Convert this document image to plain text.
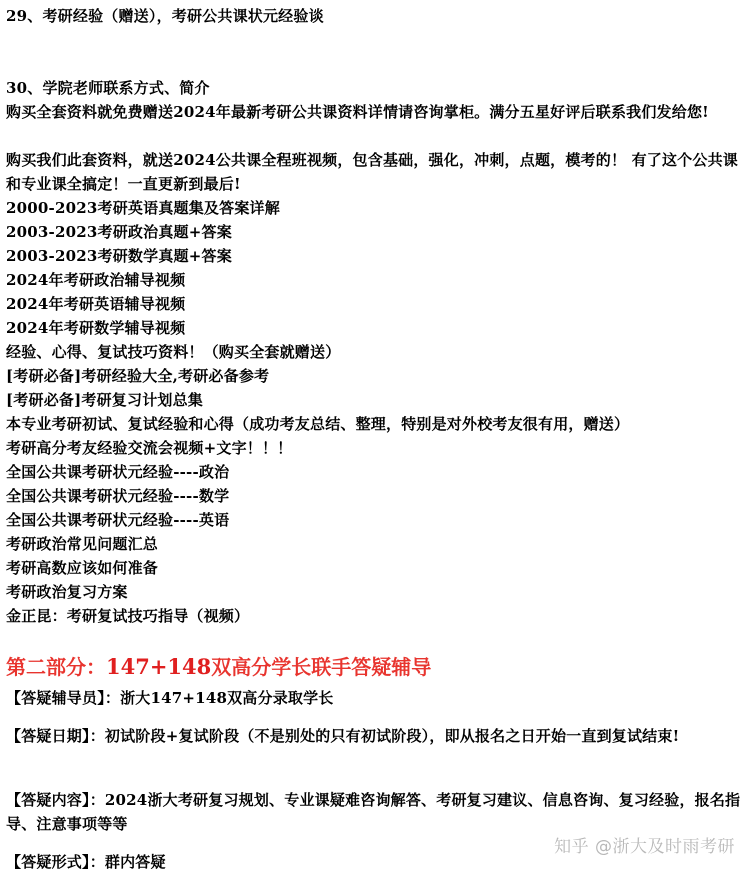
29、考研经验（赠送），考研公共课状元经验谈
30、学院老师联系方式、简介
购买全套资料就免费赠送2024年最新考研公共课资料详情请咨询掌柜。满分五星好评后联系我们发给您!
购买我们此套资料，就送2024公共课全程班视频，包含基础，强化，冲刺，点题，模考的！ 有了这个公共课和专业课全搞定！一直更新到最后!
2000-2023考研英语真题集及答案详解
2003-2023考研政治真题+答案
2003-2023考研数学真题+答案
2024年考研政治辅导视频
2024年考研英语辅导视频
2024年考研数学辅导视频
经验、心得、复试技巧资料！（购买全套就赠送）
[考研必备]考研经验大全,考研必备参考
[考研必备]考研复习计划总集
本专业考研初试、复试经验和心得（成功考友总结、整理，特别是对外校考友很有用，赠送）
考研高分考友经验交流会视频+文字！！！
全国公共课考研状元经验----政治
全国公共课考研状元经验----数学
全国公共课考研状元经验----英语
考研政治常见问题汇总
考研高数应该如何准备
考研政治复习方案
金正昆：考研复试技巧指导（视频）
第二部分：147+148双高分学长联手答疑辅导
【答疑辅导员】：浙大147+148双高分录取学长
【答疑日期】：初试阶段+复试阶段（不是别处的只有初试阶段），即从报名之日开始一直到复试结束!
【答疑内容】：2024浙大考研复习规划、专业课疑难咨询解答、考研复习建议、信息咨询、复习经验，报名指导、注意事项等等
【答疑形式】：群内答疑
知乎 @浙大及时雨考研
